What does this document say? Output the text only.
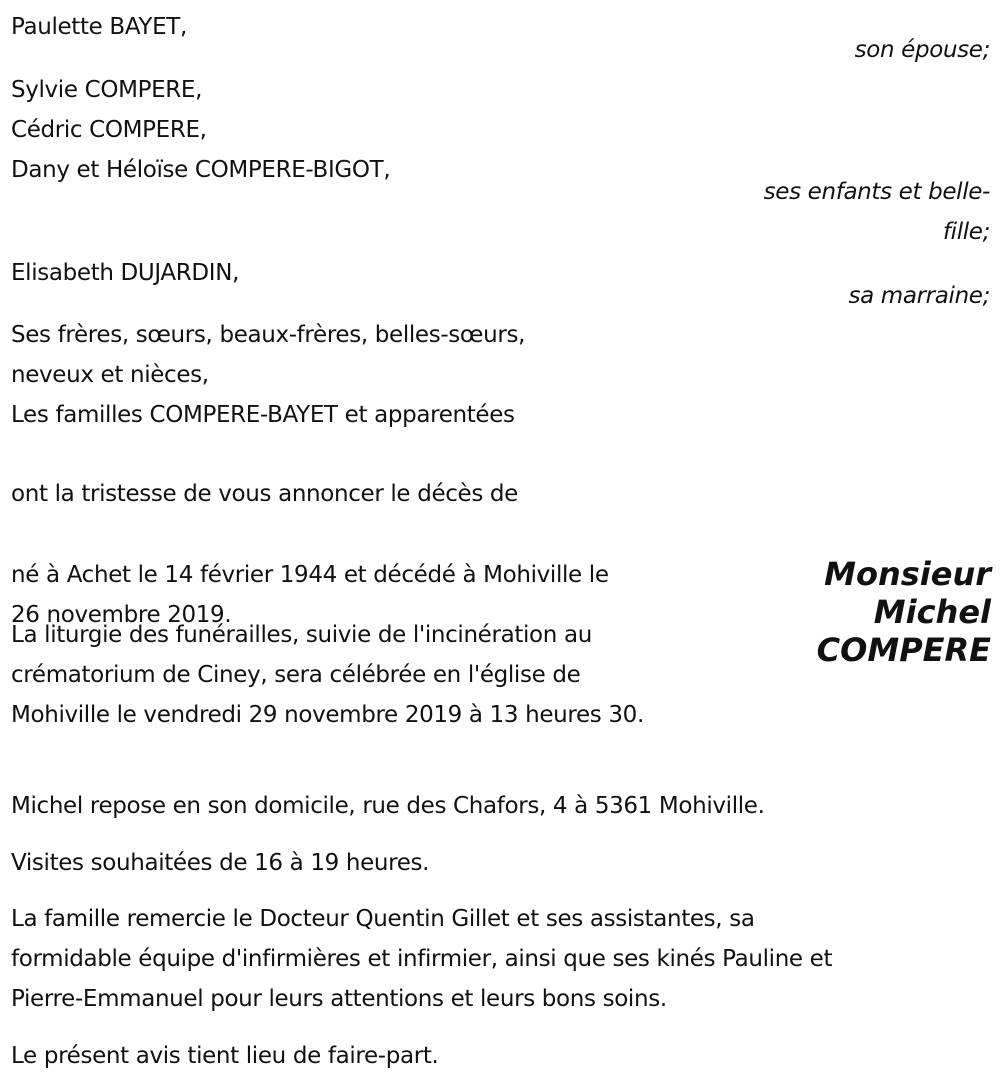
Paulette BAYET,
son épouse;
Sylvie COMPERE,
Cédric COMPERE,
Dany et Héloïse COMPERE-BIGOT,
ses enfants et belle-
fille;
Elisabeth DUJARDIN,
sa marraine;
Ses frères, sœurs, beaux-frères, belles-sœurs,
neveux et nièces,
Les familles COMPERE-BAYET et apparentées
ont la tristesse de vous annoncer le décès de
Monsieur
Michel
COMPERE
né à Achet le 14 février 1944 et décédé à Mohiville le
26 novembre 2019.
La liturgie des funérailles, suivie de l'incinération au
crématorium de Ciney, sera célébrée en l'église de
Mohiville le vendredi 29 novembre 2019 à 13 heures 30.
Michel repose en son domicile, rue des Chafors, 4 à 5361 Mohiville.
Visites souhaitées de 16 à 19 heures.
La famille remercie le Docteur Quentin Gillet et ses assistantes, sa
formidable équipe d'infirmières et infirmier, ainsi que ses kinés Pauline et
Pierre-Emmanuel pour leurs attentions et leurs bons soins.
Le présent avis tient lieu de faire-part.
